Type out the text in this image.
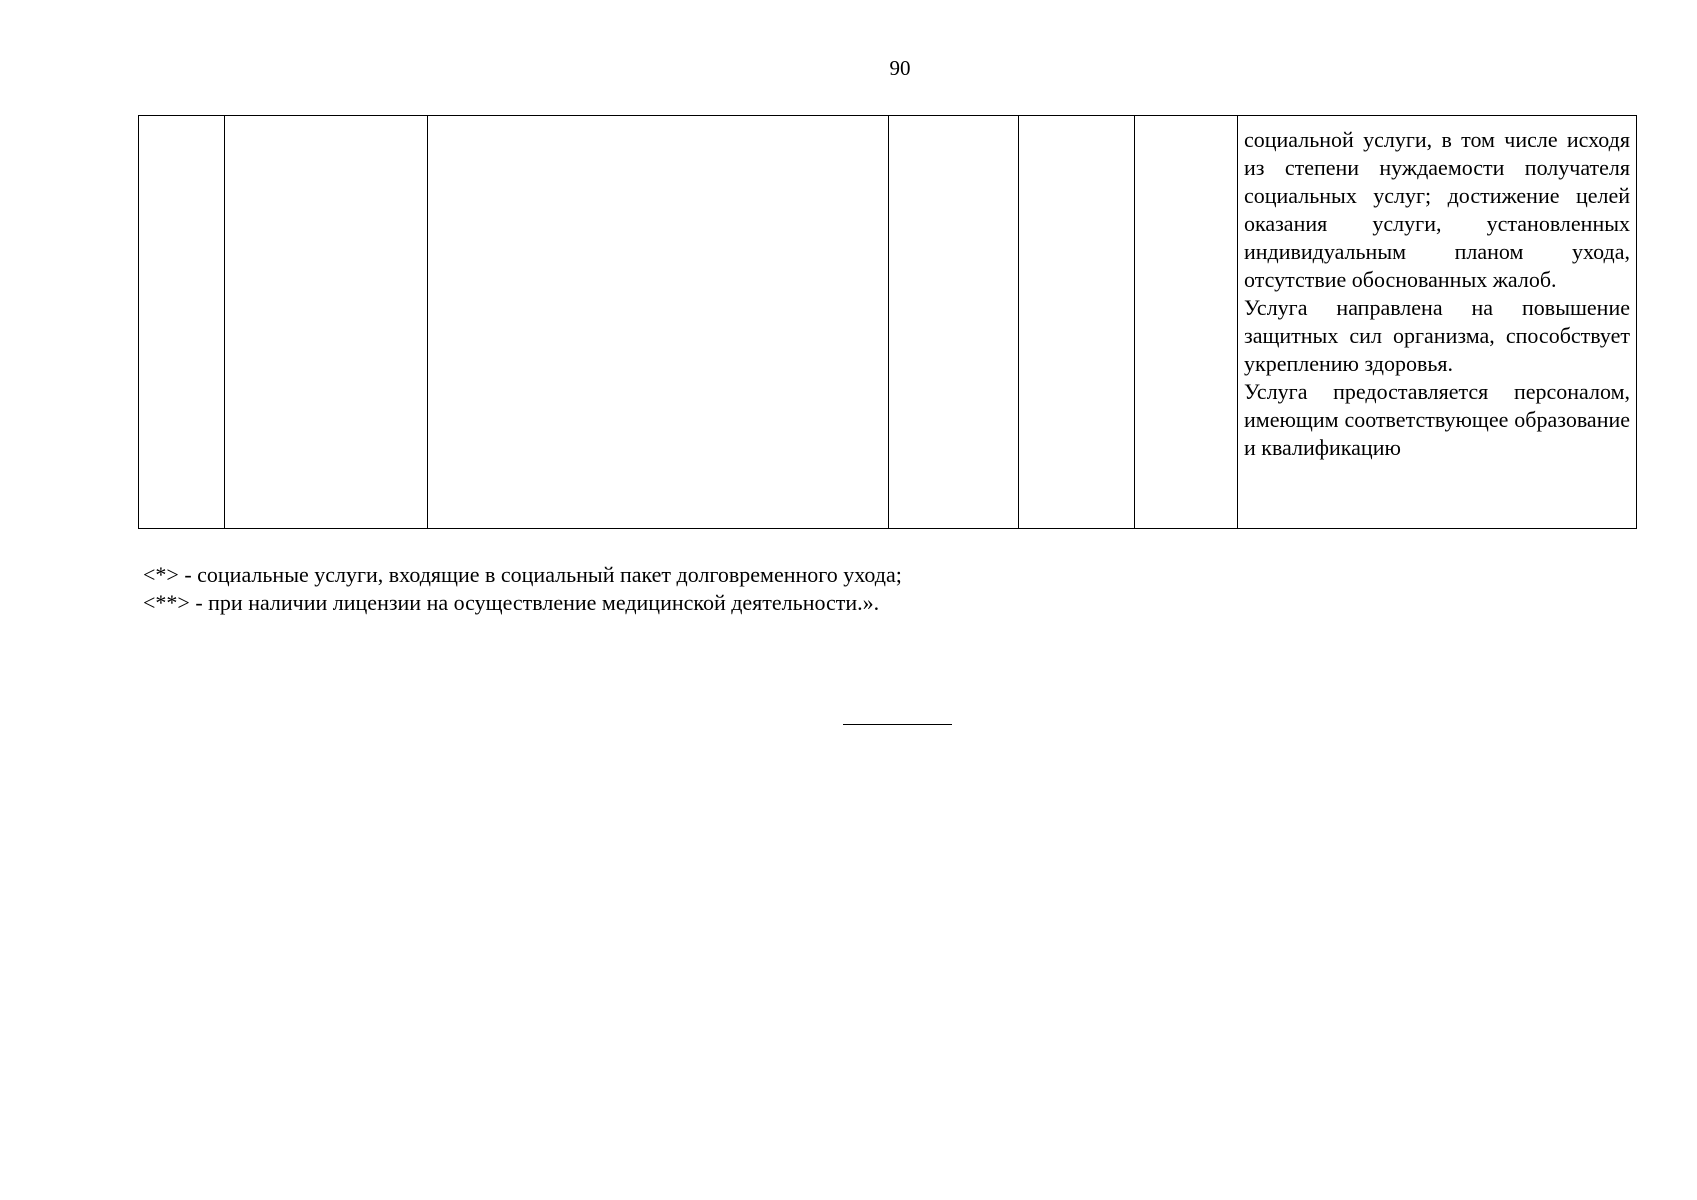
90

социальной услуги, в том числе исходя из степени нуждаемости получателя социальных услуг; достижение целей оказания услуги, установленных индивидуальным планом ухода, отсутствие обоснованных жалоб.

Услуга направлена на повышение защитных сил организма, способствует укреплению здоровья.

Услуга предоставляется персоналом, имеющим соответствующее образование и квалификацию

<*> - социальные услуги, входящие в социальный пакет долговременного ухода;
<**> - при наличии лицензии на осуществление медицинской деятельности.».
